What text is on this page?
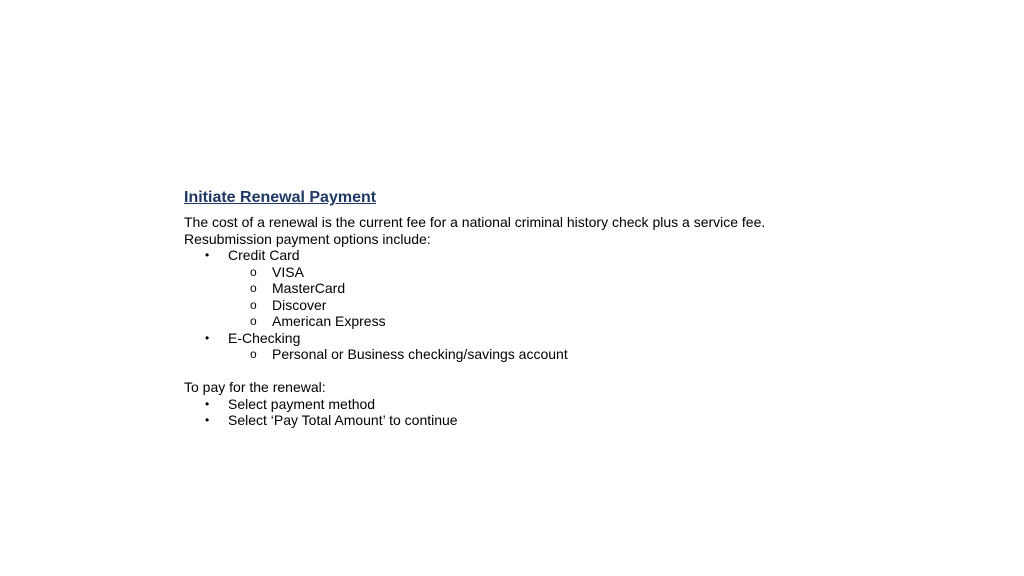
Initiate Renewal Payment

The cost of a renewal is the current fee for a national criminal history check plus a service fee.

Resubmission payment options include:

• Credit Card
o VISA
o MasterCard
o Discover
o American Express
• E-Checking
o Personal or Business checking/savings account

To pay for the renewal:

• Select payment method
• Select ‘Pay Total Amount’ to continue
